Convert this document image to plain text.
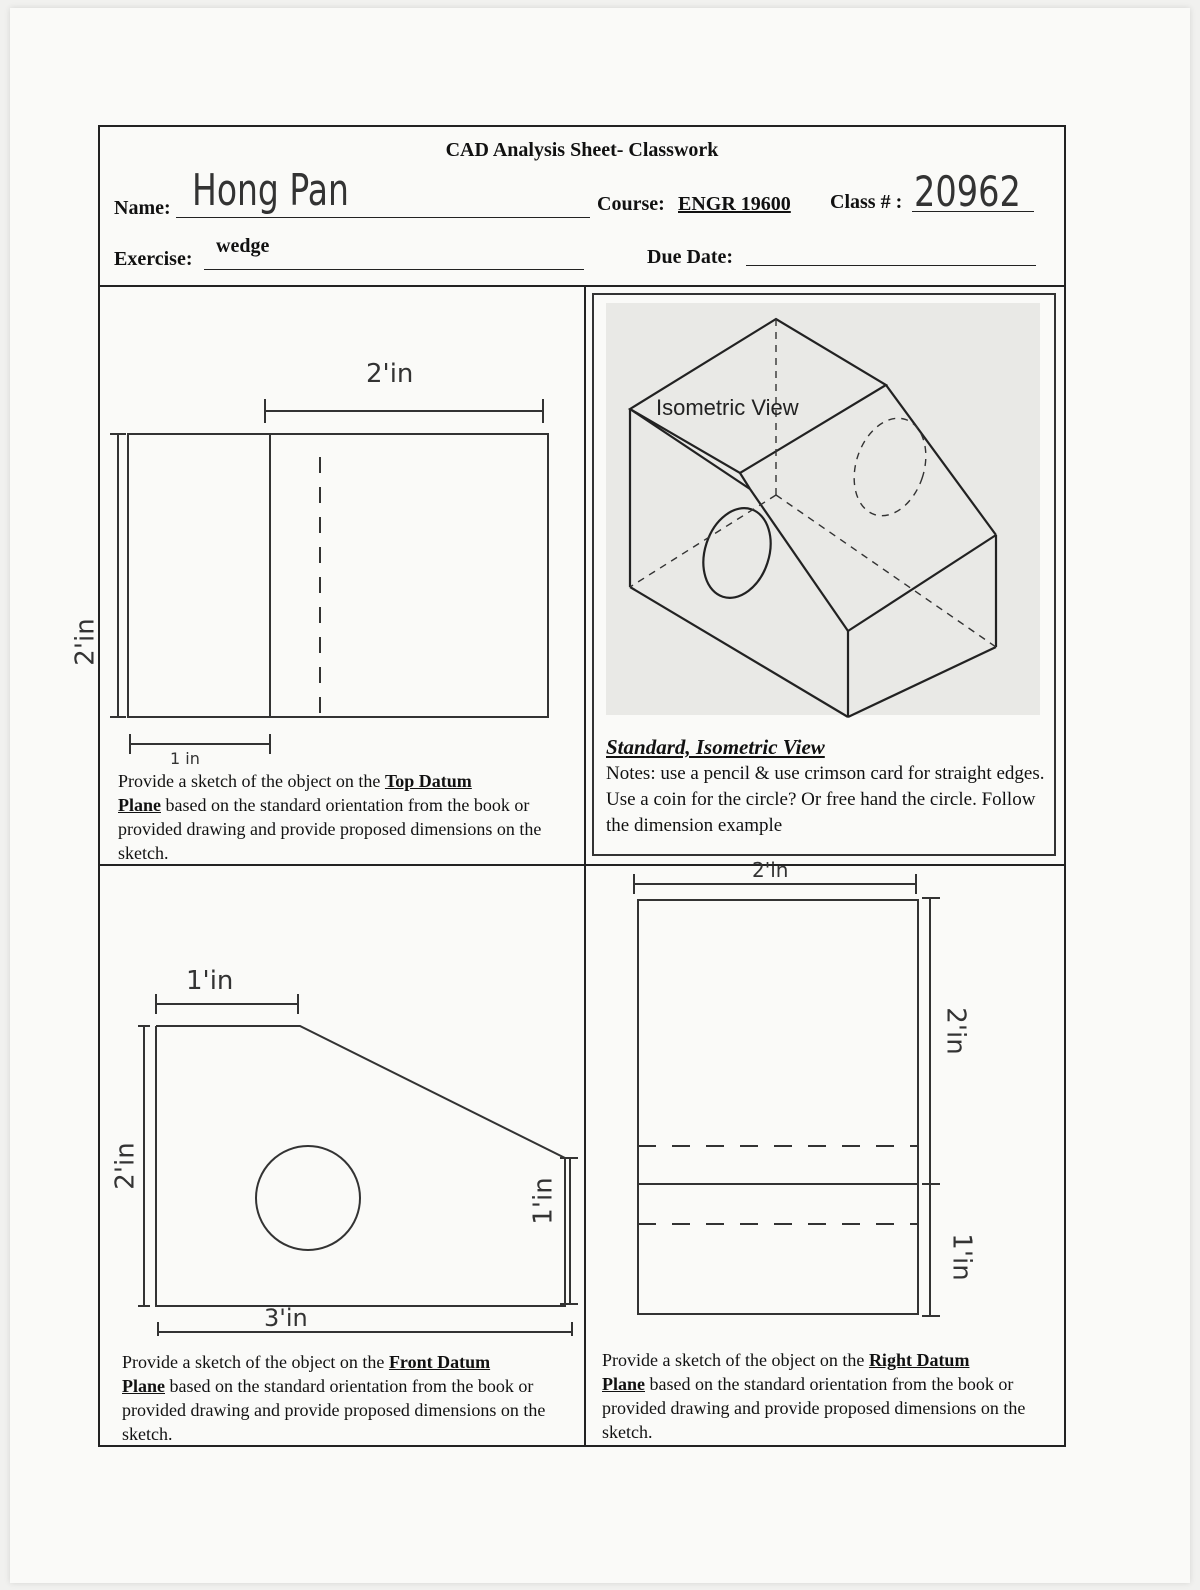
CAD Analysis Sheet- Classwork
Name: Hong Pan	Course: ENGR 19600 Class # : 20962
Exercise:
wedge	Due Date:
2'in
2'in
1 in
Provide a sketch of the object on the Top Datum
Plane based on the standard orientation from the book or provided drawing and provide proposed dimensions on the sketch.
Isometric View
Standard, Isometric View
Notes: use a pencil & use crimson card for straight edges. Use a coin for the circle? Or free hand the circle. Follow the dimension example
1'in
2'in
1'in
3'in
Provide a sketch of the object on the Front Datum
Plane based on the standard orientation from the book or provided drawing and provide proposed dimensions on the sketch.
2'in
2'in
1'in
Provide a sketch of the object on the Right Datum
Plane based on the standard orientation from the book or provided drawing and provide proposed dimensions on the sketch.
